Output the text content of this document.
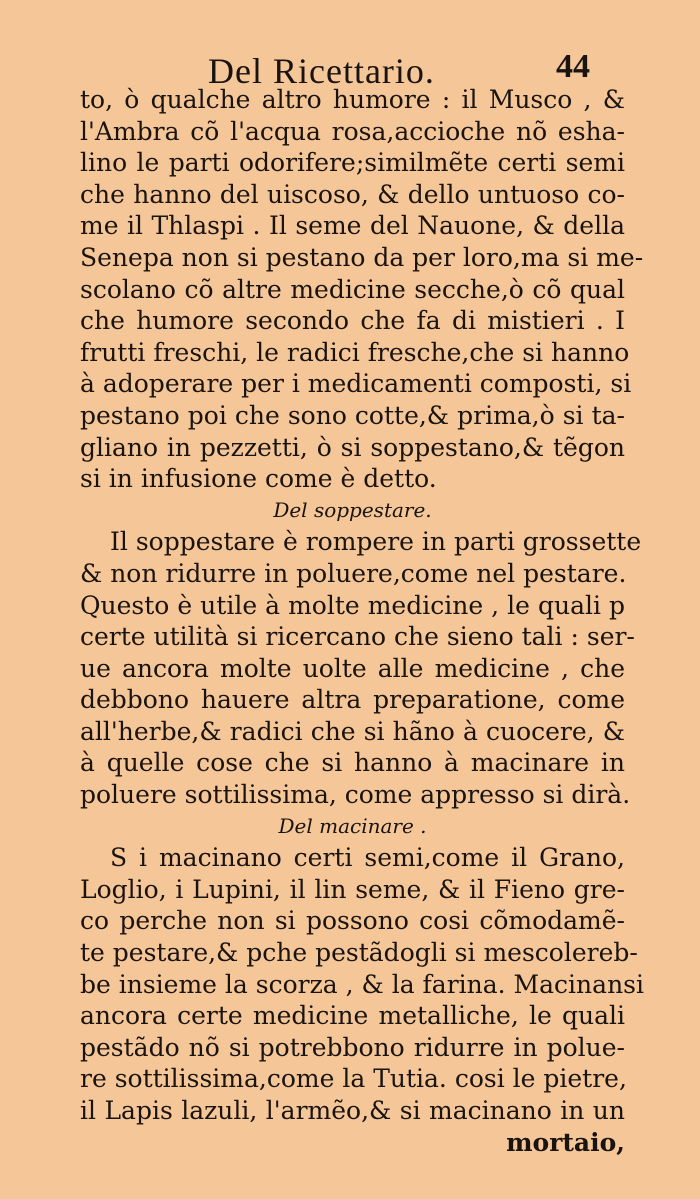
Del Ricettario.	44
to, ò qualche altro humore : il Musco , &
l'Ambra cõ l'acqua rosa,accioche nõ esha-
lino le parti odorifere;similmẽte certi semi
che hanno del uiscoso, & dello untuoso co-
me il Thlaspi . Il seme del Nauone, & della
Senepa non si pestano da per loro,ma si me-
scolano cõ altre medicine secche,ò cõ qual
che humore secondo che fa di mistieri . I
frutti freschi, le radici fresche,che si hanno
à adoperare per i medicamenti composti, si
pestano poi che sono cotte,& prima,ò si ta-
gliano in pezzetti, ò si soppestano,& tẽgon
si in infusione come è detto.
Del soppestare.
Il soppestare è rompere in parti grossette
& non ridurre in poluere,come nel pestare.
Questo è utile à molte medicine , le quali p
certe utilità si ricercano che sieno tali : ser-
ue ancora molte uolte alle medicine , che
debbono hauere altra preparatione, come
all'herbe,& radici che si hãno à cuocere, &
à quelle cose che si hanno à macinare in
poluere sottilissima, come appresso si dirà.
Del macinare .
S i macinano certi semi,come il Grano,
Loglio, i Lupini, il lin seme, & il Fieno gre-
co perche non si possono cosi cõmodamẽ-
te pestare,& pche pestãdogli si mescolereb-
be insieme la scorza , & la farina. Macinansi
ancora certe medicine metalliche, le quali
pestãdo nõ si potrebbono ridurre in polue-
re sottilissima,come la Tutia. cosi le pietre,
il Lapis lazuli, l'armẽo,& si macinano in un
mortaio,
